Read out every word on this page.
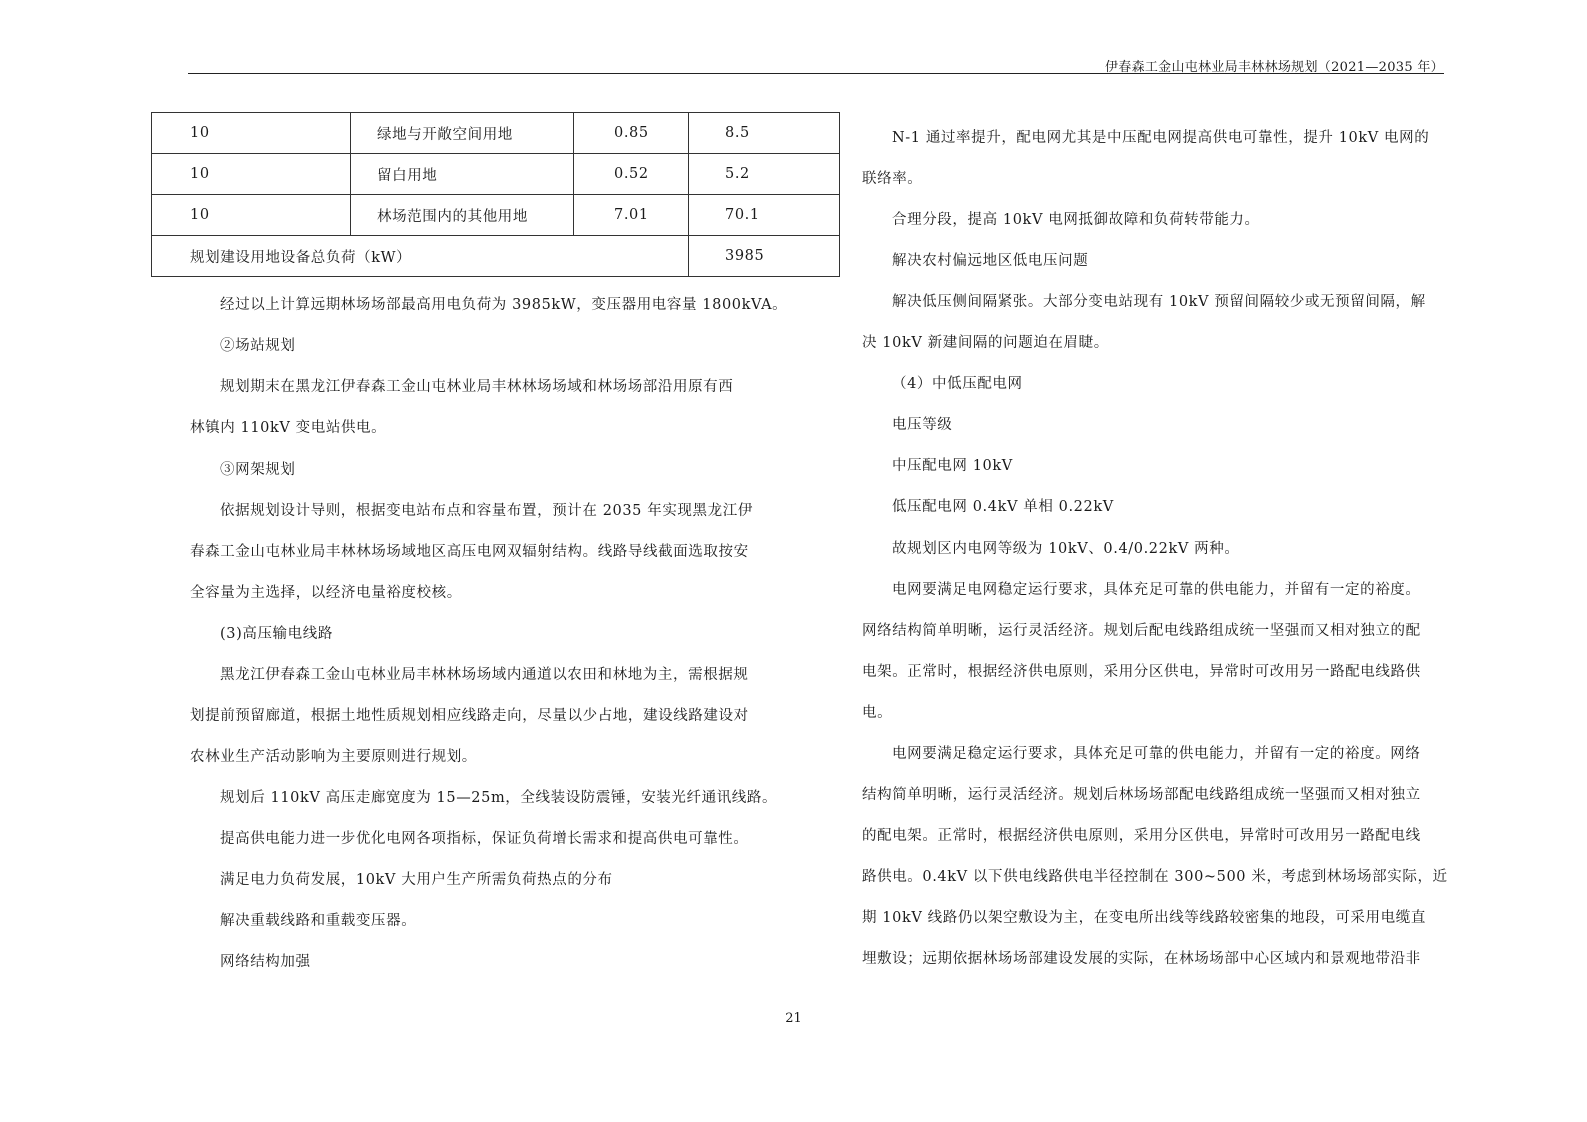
伊春森工金山屯林业局丰林林场规划（2021—2035 年）
10	绿地与开敞空间用地	0.85	8.5
10	留白用地	0.52	5.2
10	林场范围内的其他用地	7.01	70.1
规划建设用地设备总负荷（kW）			3985
经过以上计算远期林场场部最高用电负荷为 3985kW，变压器用电容量 1800kVA。
②场站规划
规划期末在黑龙江伊春森工金山屯林业局丰林林场场域和林场场部沿用原有西
林镇内 110kV 变电站供电。
③网架规划
依据规划设计导则，根据变电站布点和容量布置，预计在 2035 年实现黑龙江伊
春森工金山屯林业局丰林林场场域地区高压电网双辐射结构。线路导线截面选取按安
全容量为主选择，以经济电量裕度校核。
(3)高压输电线路
黑龙江伊春森工金山屯林业局丰林林场场域内通道以农田和林地为主，需根据规
划提前预留廊道，根据土地性质规划相应线路走向，尽量以少占地，建设线路建设对
农林业生产活动影响为主要原则进行规划。
规划后 110kV 高压走廊宽度为 15—25m，全线装设防震锤，安装光纤通讯线路。
提高供电能力进一步优化电网各项指标，保证负荷增长需求和提高供电可靠性。
满足电力负荷发展，10kV 大用户生产所需负荷热点的分布
解决重载线路和重载变压器。
网络结构加强
N-1 通过率提升，配电网尤其是中压配电网提高供电可靠性，提升 10kV 电网的
联络率。
合理分段，提高 10kV 电网抵御故障和负荷转带能力。
解决农村偏远地区低电压问题
解决低压侧间隔紧张。大部分变电站现有 10kV 预留间隔较少或无预留间隔，解
决 10kV 新建间隔的问题迫在眉睫。
（4）中低压配电网
电压等级
中压配电网 10kV
低压配电网 0.4kV 单相 0.22kV
故规划区内电网等级为 10kV、0.4/0.22kV 两种。
电网要满足电网稳定运行要求，具体充足可靠的供电能力，并留有一定的裕度。
网络结构简单明晰，运行灵活经济。规划后配电线路组成统一坚强而又相对独立的配
电架。正常时，根据经济供电原则，采用分区供电，异常时可改用另一路配电线路供
电。
电网要满足稳定运行要求，具体充足可靠的供电能力，并留有一定的裕度。网络
结构简单明晰，运行灵活经济。规划后林场场部配电线路组成统一坚强而又相对独立
的配电架。正常时，根据经济供电原则，采用分区供电，异常时可改用另一路配电线
路供电。0.4kV 以下供电线路供电半径控制在 300~500 米，考虑到林场场部实际，近
期 10kV 线路仍以架空敷设为主，在变电所出线等线路较密集的地段，可采用电缆直
埋敷设；远期依据林场场部建设发展的实际，在林场场部中心区域内和景观地带沿非
21
